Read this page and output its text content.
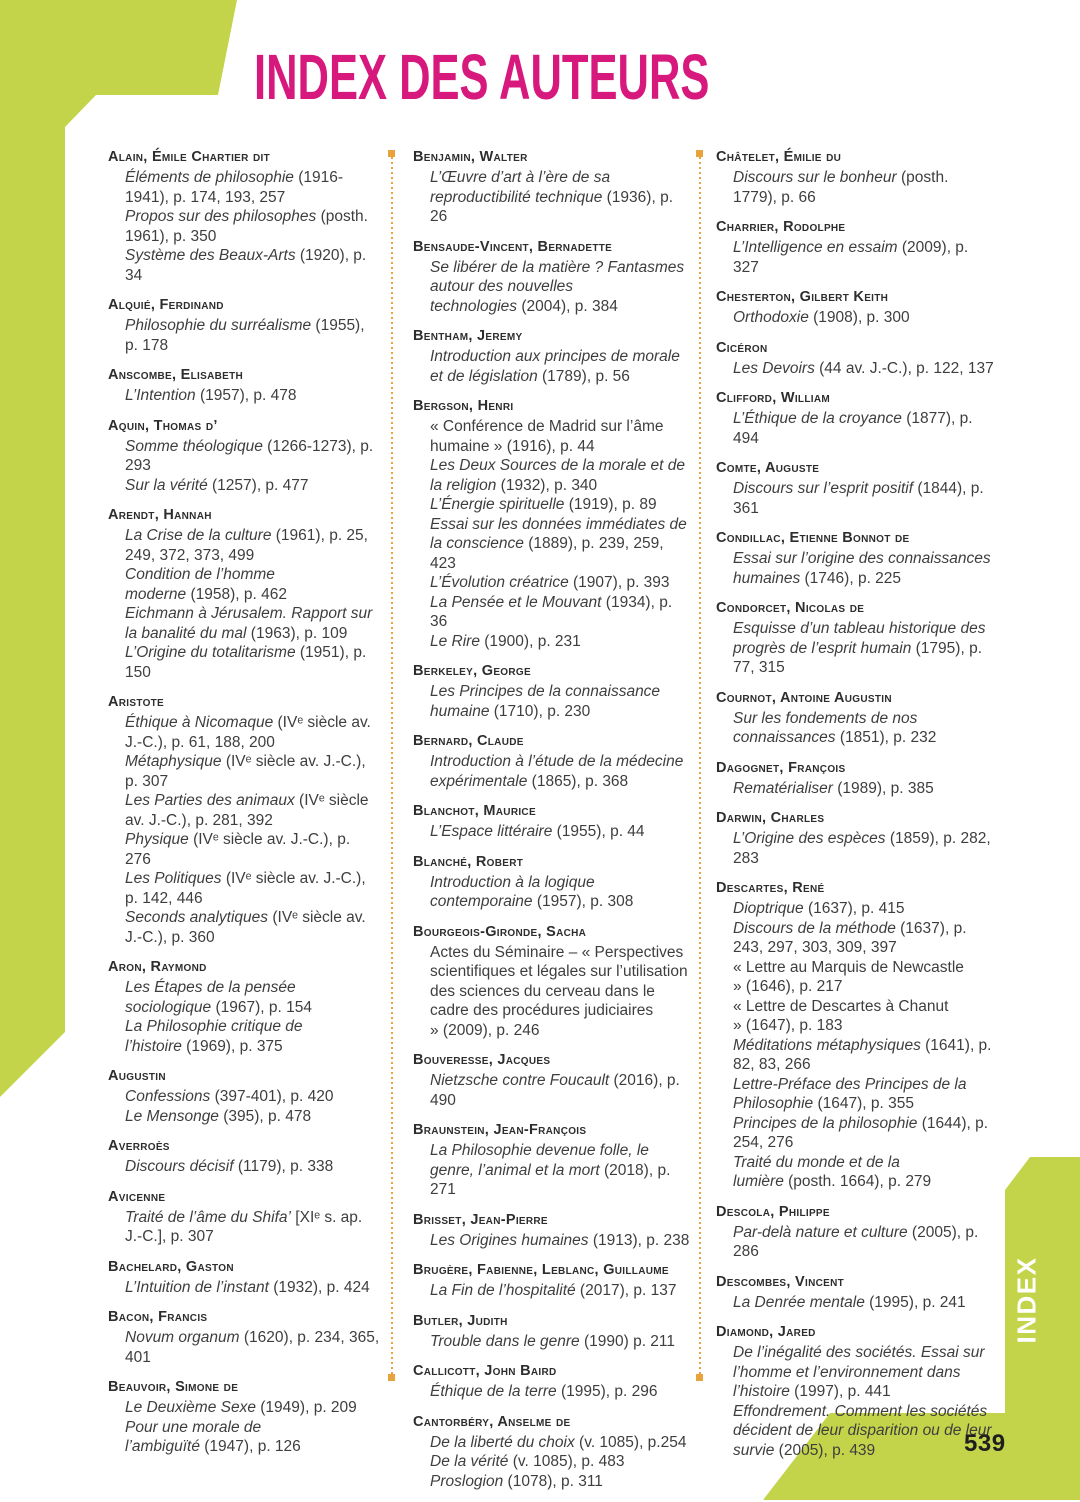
INDEX DES AUTEURS
Alain, Émile Chartier dit
Éléments de philosophie (1916-1941), p. 174, 193, 257
Propos sur des philosophes (posth. 1961), p. 350
Système des Beaux-Arts (1920), p. 34
Alquié, Ferdinand
Philosophie du surréalisme (1955), p. 178
Anscombe, Elisabeth
L’Intention (1957), p. 478
Aquin, Thomas d’
Somme théologique (1266-1273), p. 293
Sur la vérité (1257), p. 477
Arendt, Hannah
La Crise de la culture (1961), p. 25, 249, 372, 373, 499
Condition de l’homme moderne (1958), p. 462
Eichmann à Jérusalem. Rapport sur la banalité du mal (1963), p. 109
L’Origine du totalitarisme (1951), p. 150
Aristote
Éthique à Nicomaque (IVᵉ siècle av. J.-C.), p. 61, 188, 200
Métaphysique (IVᵉ siècle av. J.-C.), p. 307
Les Parties des animaux (IVᵉ siècle av. J.-C.), p. 281, 392
Physique (IVᵉ siècle av. J.-C.), p. 276
Les Politiques (IVᵉ siècle av. J.-C.), p. 142, 446
Seconds analytiques (IVᵉ siècle av. J.-C.), p. 360
Aron, Raymond
Les Étapes de la pensée sociologique (1967), p. 154
La Philosophie critique de l’histoire (1969), p. 375
Augustin
Confessions (397-401), p. 420
Le Mensonge (395), p. 478
Averroès
Discours décisif (1179), p. 338
Avicenne
Traité de l’âme du Shifa’ [XIᵉ s. ap. J.-C.], p. 307
Bachelard, Gaston
L’Intuition de l’instant (1932), p. 424
Bacon, Francis
Novum organum (1620), p. 234, 365, 401
Beauvoir, Simone de
Le Deuxième Sexe (1949), p. 209
Pour une morale de l’ambiguïté (1947), p. 126
Benjamin, Walter
L’Œuvre d’art à l’ère de sa reproductibilité technique (1936), p. 26
Bensaude-Vincent, Bernadette
Se libérer de la matière ? Fantasmes autour des nouvelles technologies (2004), p. 384
Bentham, Jeremy
Introduction aux principes de morale et de législation (1789), p. 56
Bergson, Henri
« Conférence de Madrid sur l’âme humaine » (1916), p. 44
Les Deux Sources de la morale et de la religion (1932), p. 340
L’Énergie spirituelle (1919), p. 89
Essai sur les données immédiates de la conscience (1889), p. 239, 259, 423
L’Évolution créatrice (1907), p. 393
La Pensée et le Mouvant (1934), p. 36
Le Rire (1900), p. 231
Berkeley, George
Les Principes de la connaissance humaine (1710), p. 230
Bernard, Claude
Introduction à l’étude de la médecine expérimentale (1865), p. 368
Blanchot, Maurice
L’Espace littéraire (1955), p. 44
Blanché, Robert
Introduction à la logique contemporaine (1957), p. 308
Bourgeois-Gironde, Sacha
Actes du Séminaire – « Perspectives scientifiques et légales sur l’utilisation des sciences du cerveau dans le cadre des procédures judiciaires » (2009), p. 246
Bouveresse, Jacques
Nietzsche contre Foucault (2016), p. 490
Braunstein, Jean-François
La Philosophie devenue folle, le genre, l’animal et la mort (2018), p. 271
Brisset, Jean-Pierre
Les Origines humaines (1913), p. 238
Brugère, Fabienne, Leblanc, Guillaume
La Fin de l’hospitalité (2017), p. 137
Butler, Judith
Trouble dans le genre (1990) p. 211
Callicott, John Baird
Éthique de la terre (1995), p. 296
Cantorbéry, Anselme de
De la liberté du choix (v. 1085), p.254
De la vérité (v. 1085), p. 483
Proslogion (1078), p. 311
Châtelet, Émilie du
Discours sur le bonheur (posth. 1779), p. 66
Charrier, Rodolphe
L’Intelligence en essaim (2009), p. 327
Chesterton, Gilbert Keith
Orthodoxie (1908), p. 300
Cicéron
Les Devoirs (44 av. J.-C.), p. 122, 137
Clifford, William
L’Éthique de la croyance (1877), p. 494
Comte, Auguste
Discours sur l’esprit positif (1844), p. 361
Condillac, Etienne Bonnot de
Essai sur l’origine des connaissances humaines (1746), p. 225
Condorcet, Nicolas de
Esquisse d’un tableau historique des progrès de l’esprit humain (1795), p. 77, 315
Cournot, Antoine Augustin
Sur les fondements de nos connaissances (1851), p. 232
Dagognet, François
Rematérialiser (1989), p. 385
Darwin, Charles
L’Origine des espèces (1859), p. 282, 283
Descartes, René
Dioptrique (1637), p. 415
Discours de la méthode (1637), p. 243, 297, 303, 309, 397
« Lettre au Marquis de Newcastle » (1646), p. 217
« Lettre de Descartes à Chanut » (1647), p. 183
Méditations métaphysiques (1641), p. 82, 83, 266
Lettre-Préface des Principes de la Philosophie (1647), p. 355
Principes de la philosophie (1644), p. 254, 276
Traité du monde et de la lumière (posth. 1664), p. 279
Descola, Philippe
Par-delà nature et culture (2005), p. 286
Descombes, Vincent
La Denrée mentale (1995), p. 241
Diamond, Jared
De l’inégalité des sociétés. Essai sur l’homme et l’environnement dans l’histoire (1997), p. 441
Effondrement. Comment les sociétés décident de leur disparition ou de leur survie (2005), p. 439
INDEX
539
